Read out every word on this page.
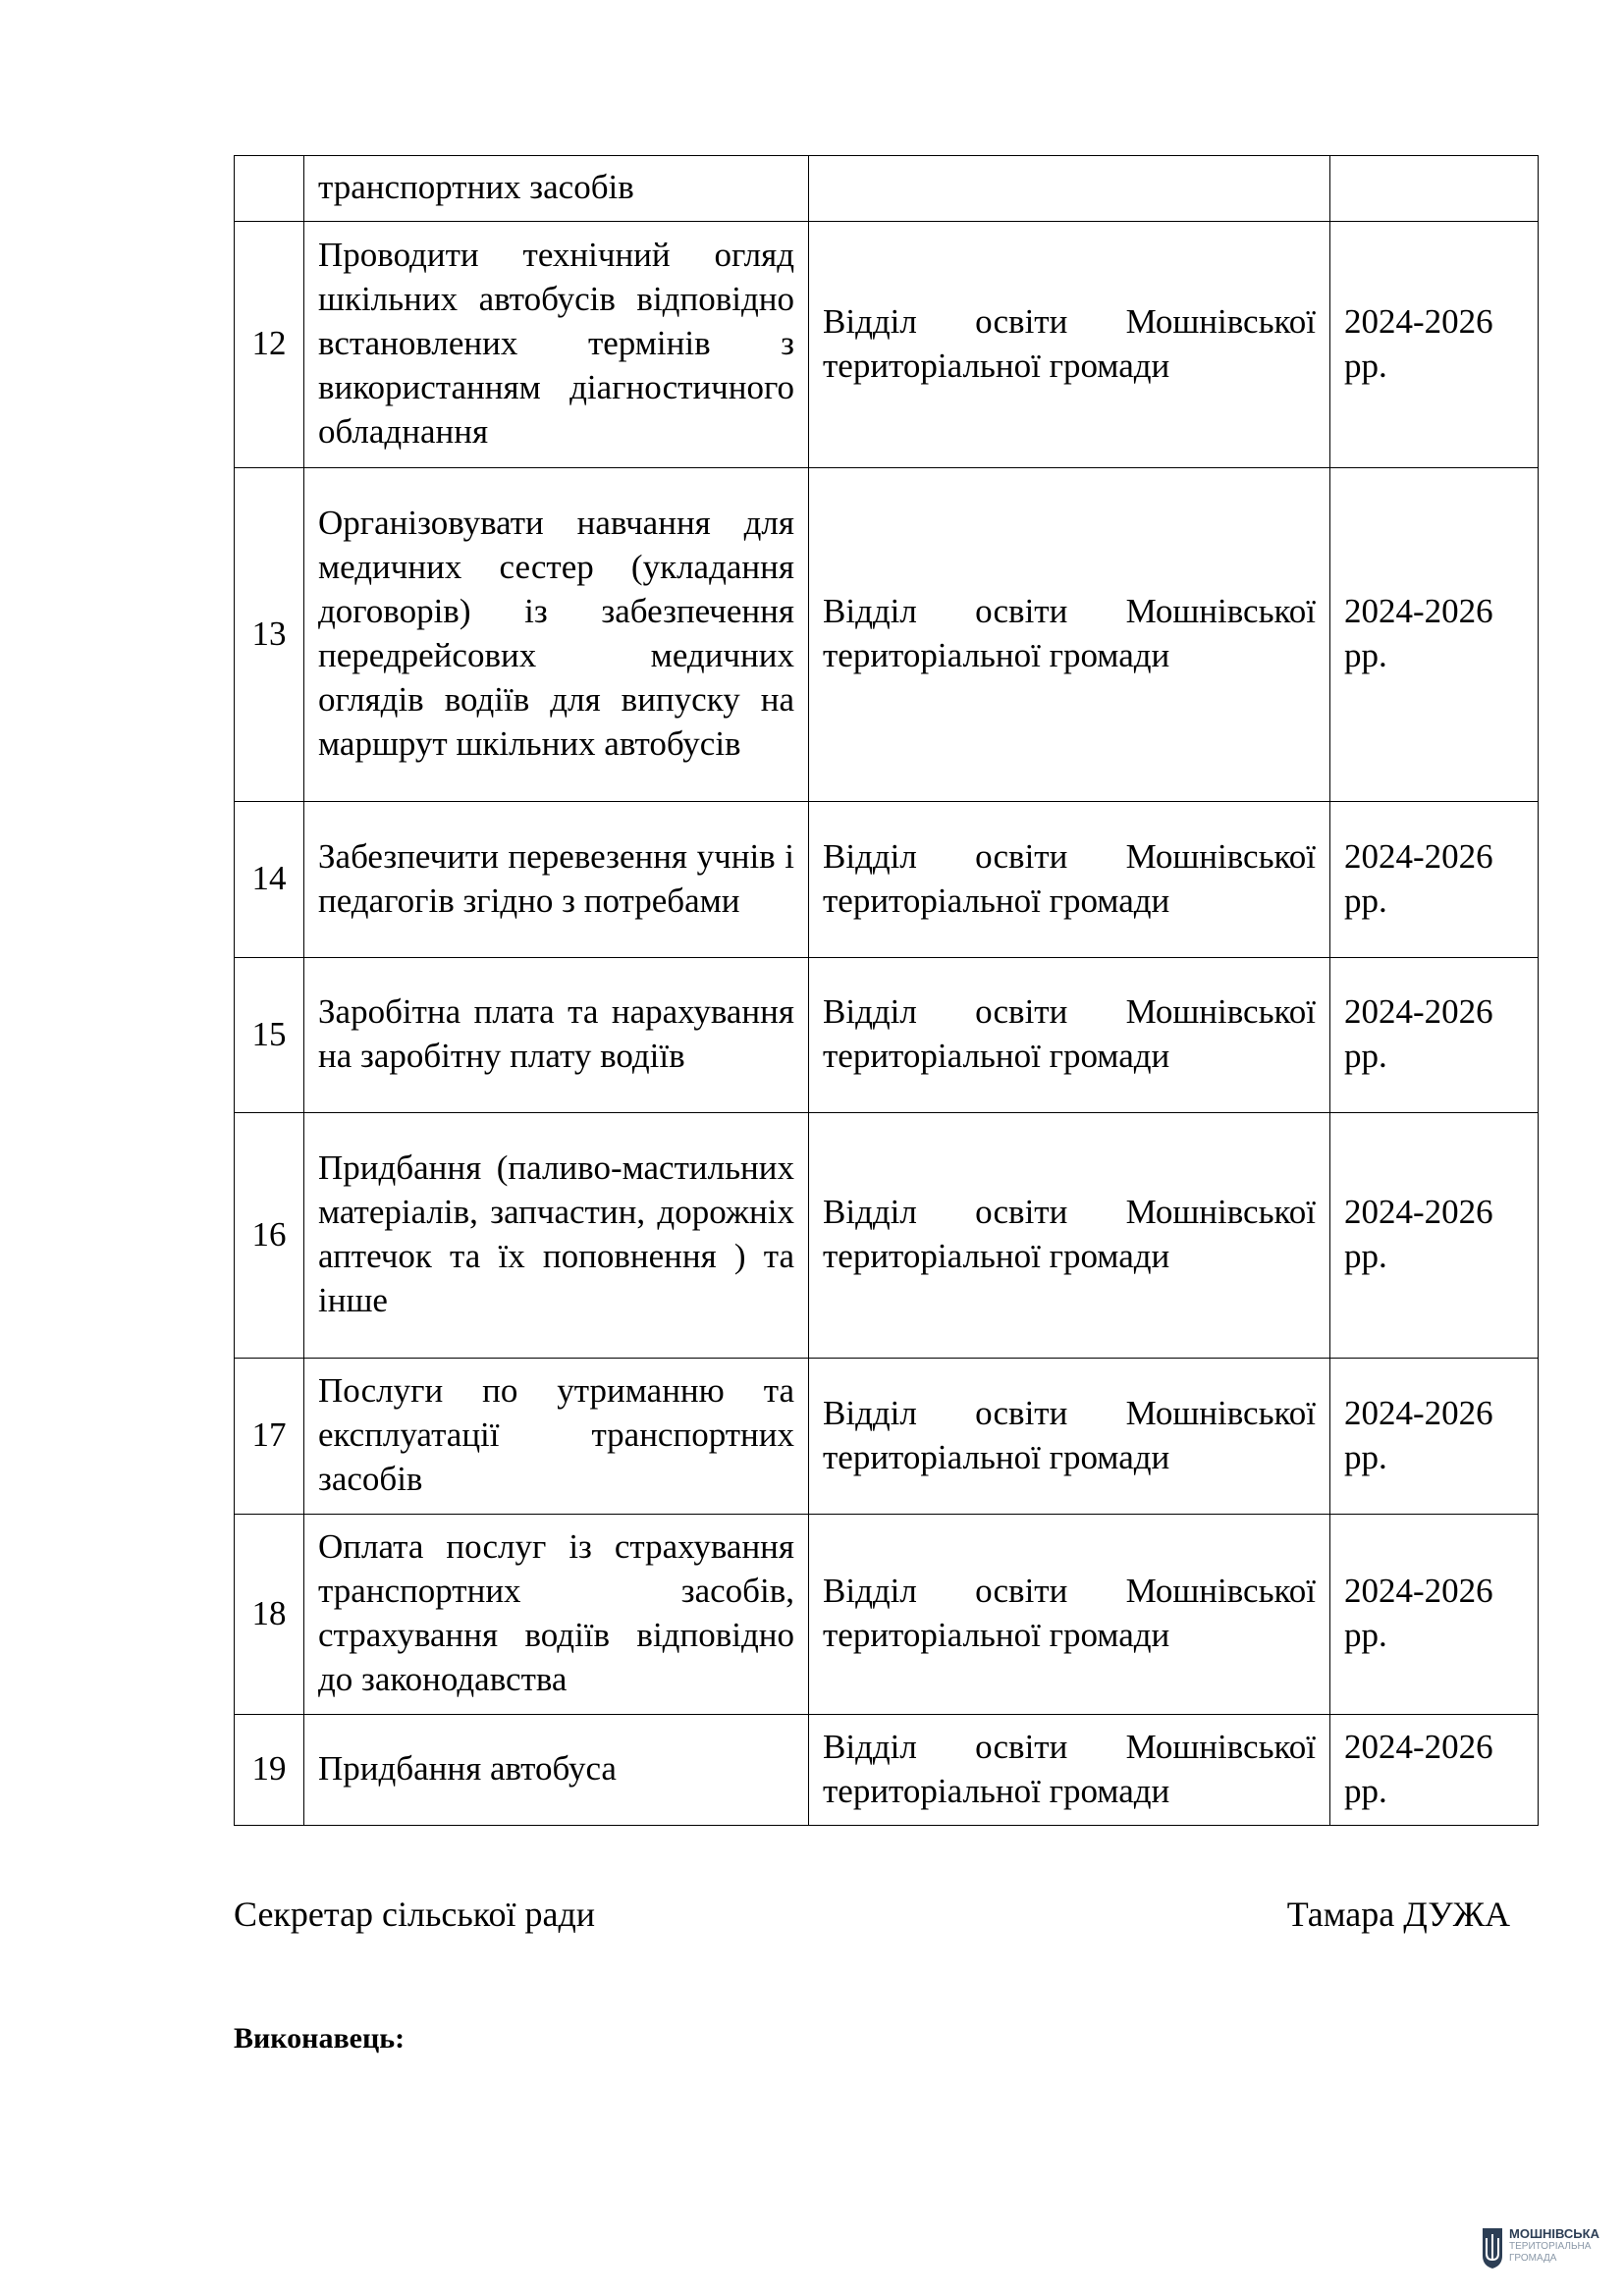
	транспортних засобів		
12	Проводити технічний огляд шкільних автобусів відповідно встановлених термінів з використанням діагностичного обладнання	Відділ освіти Мошнівської територіальної громади	2024-2026 рр.
13	Організовувати навчання для медичних сестер (укладання договорів) із забезпечення передрейсових медичних оглядів водіїв для випуску на маршрут шкільних автобусів	Відділ освіти Мошнівської територіальної громади	2024-2026 рр.
14	Забезпечити перевезення учнів і педагогів згідно з потребами	Відділ освіти Мошнівської територіальної громади	2024-2026 рр.
15	Заробітна плата та нарахування на заробітну плату водіїв	Відділ освіти Мошнівської територіальної громади	2024-2026 рр.
16	Придбання (паливо-мастильних матеріалів, запчастин, дорожніх аптечок та їх поповнення ) та інше	Відділ освіти Мошнівської територіальної громади	2024-2026 рр.
17	Послуги по утриманню та експлуатації транспортних засобів	Відділ освіти Мошнівської територіальної громади	2024-2026 рр.
18	Оплата послуг із страхування транспортних засобів, страхування водіїв відповідно до законодавства	Відділ освіти Мошнівської територіальної громади	2024-2026 рр.
19	Придбання автобуса	Відділ освіти Мошнівської територіальної громади	2024-2026 рр.
Секретар сільської ради	Тамара ДУЖА
Виконавець:
МОШНІВСЬКА
ТЕРИТОРІАЛЬНА
ГРОМАДА
